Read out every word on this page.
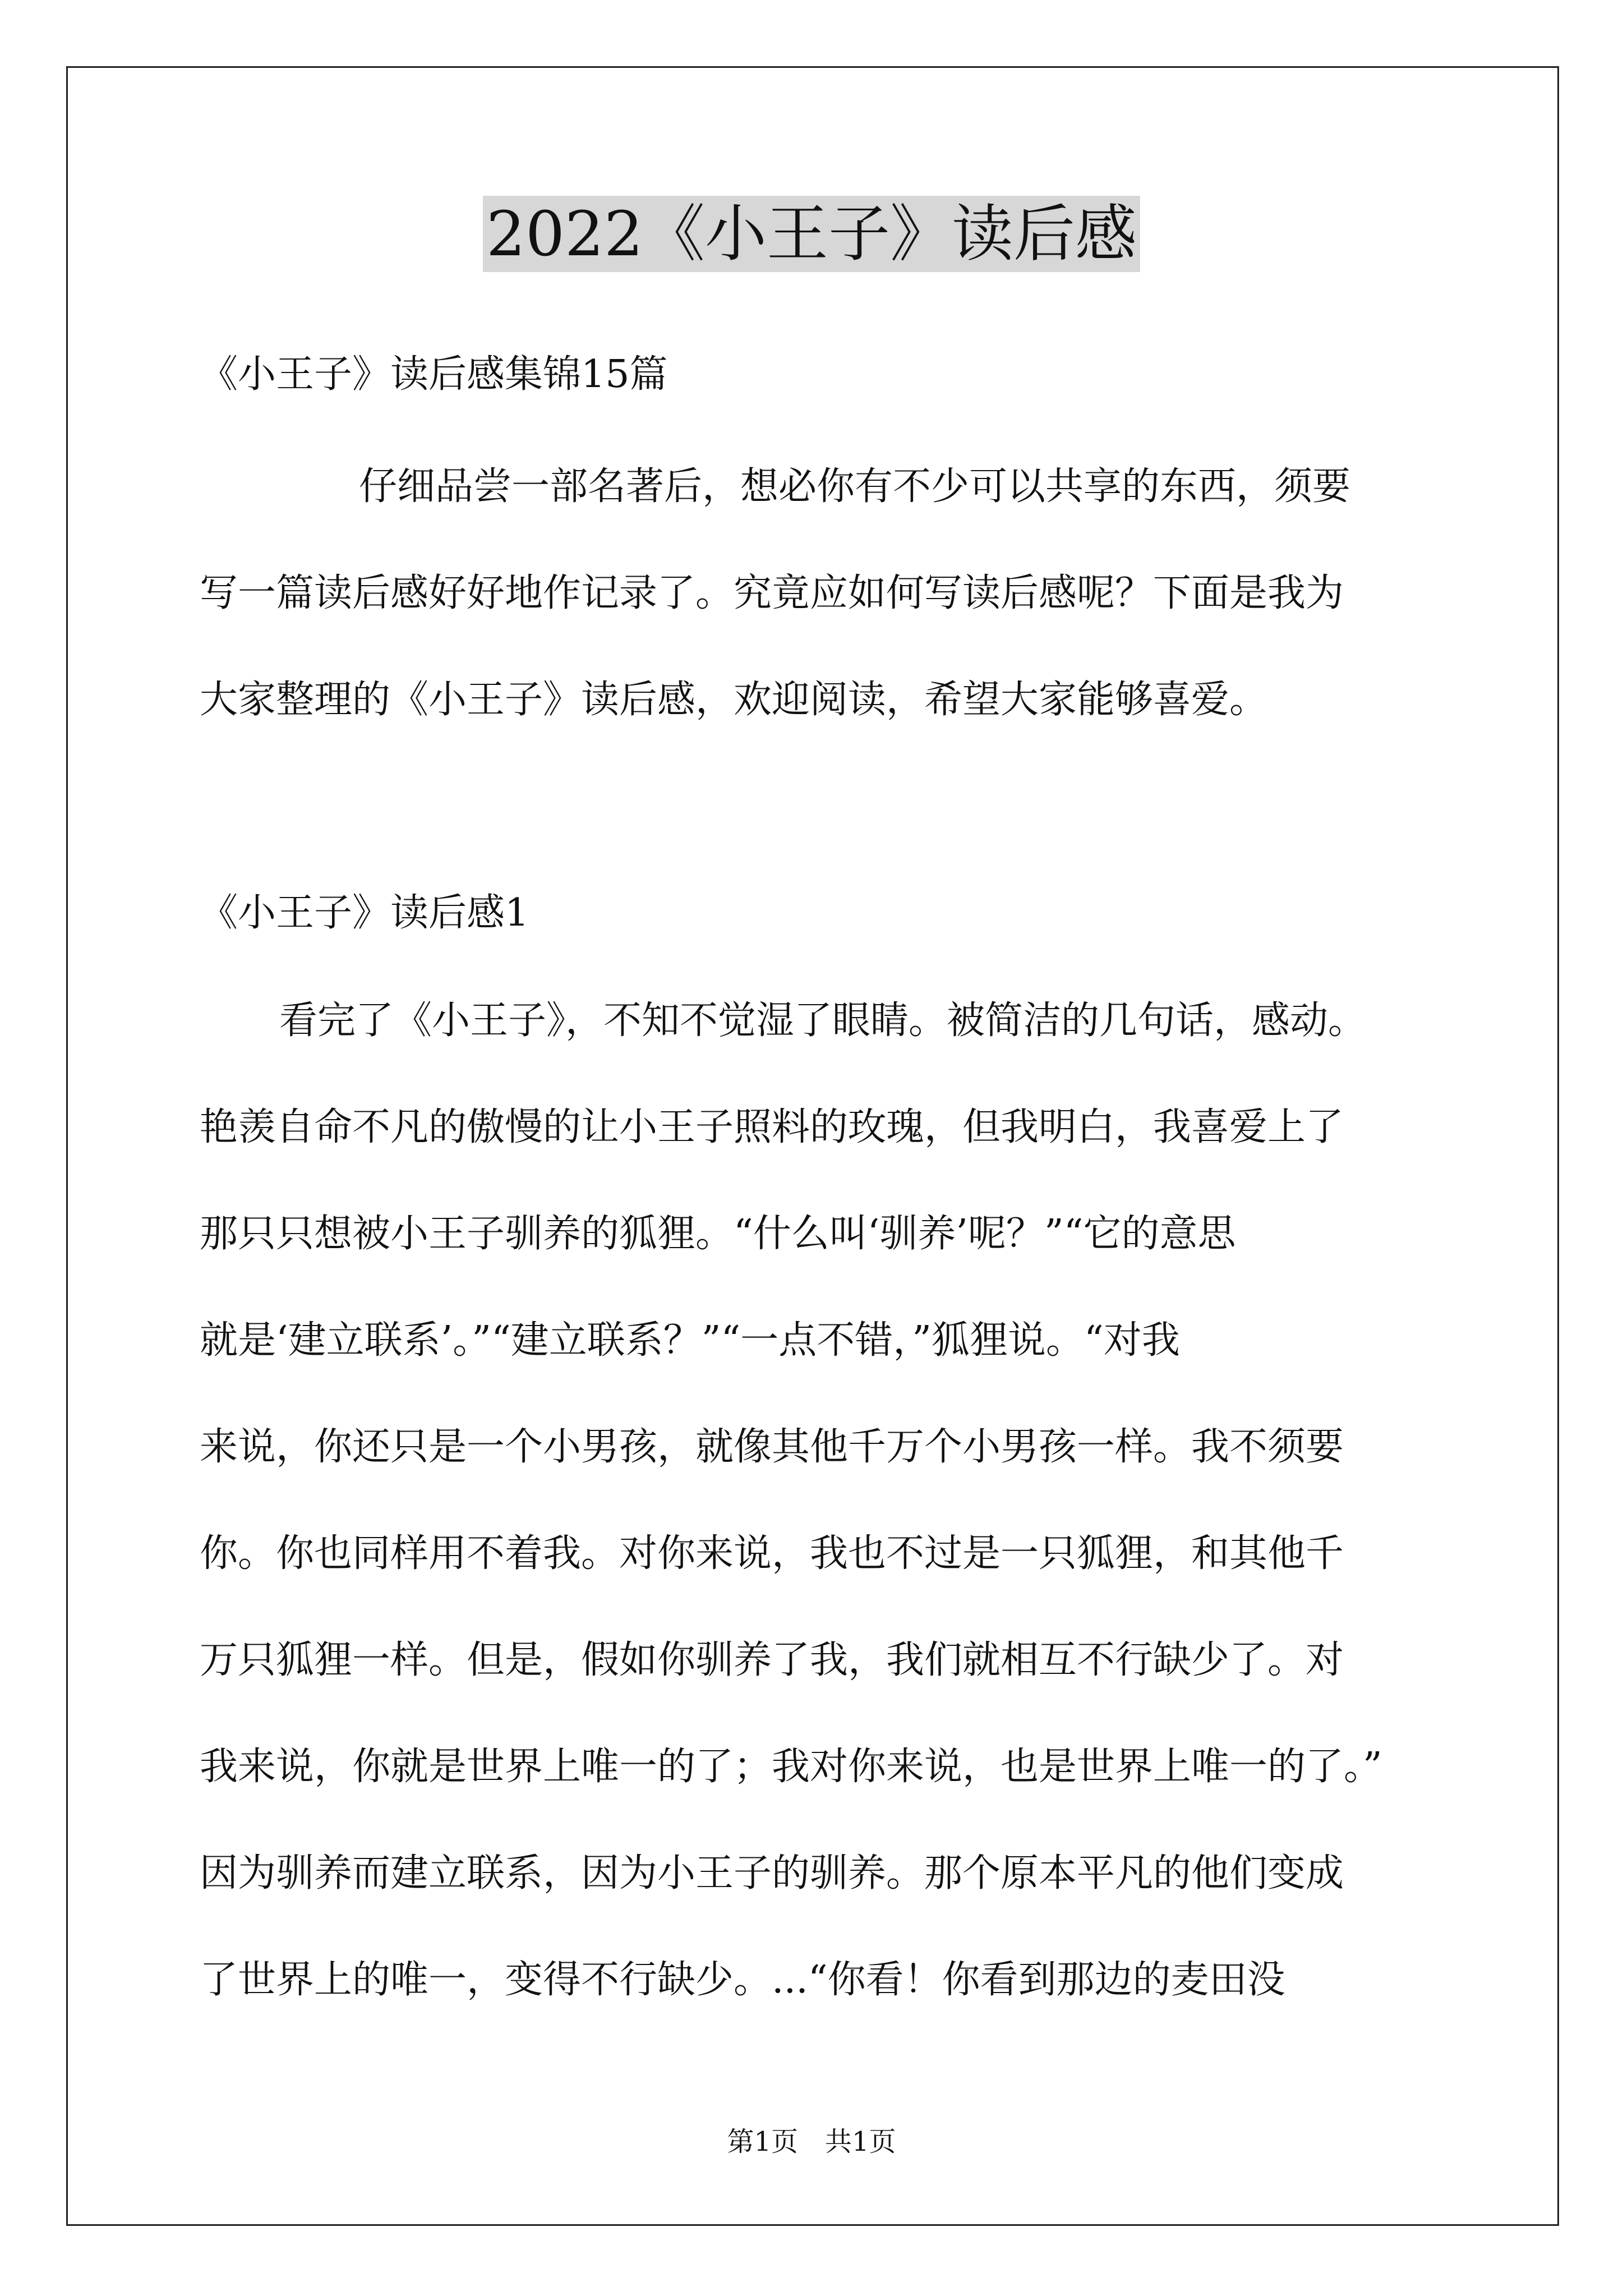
2022《小王子》读后感
《小王子》读后感集锦15篇
仔细品尝一部名著后，想必你有不少可以共享的东西，须要
写一篇读后感好好地作记录了。究竟应如何写读后感呢？下面是我为
大家整理的《小王子》读后感，欢迎阅读，希望大家能够喜爱。
《小王子》读后感1
看完了《小王子》，不知不觉湿了眼睛。被简洁的几句话，感动。
艳羡自命不凡的傲慢的让小王子照料的玫瑰，但我明白，我喜爱上了
那只只想被小王子驯养的狐狸。“什么叫‘驯养’呢？”“它的意思
就是‘建立联系’。”“建立联系？”“一点不错，”狐狸说。“对我
来说，你还只是一个小男孩，就像其他千万个小男孩一样。我不须要
你。你也同样用不着我。对你来说，我也不过是一只狐狸，和其他千
万只狐狸一样。但是，假如你驯养了我，我们就相互不行缺少了。对
我来说，你就是世界上唯一的了；我对你来说，也是世界上唯一的了。”
因为驯养而建立联系，因为小王子的驯养。那个原本平凡的他们变成
了世界上的唯一，变得不行缺少。...“你看！你看到那边的麦田没
第1页　共1页
